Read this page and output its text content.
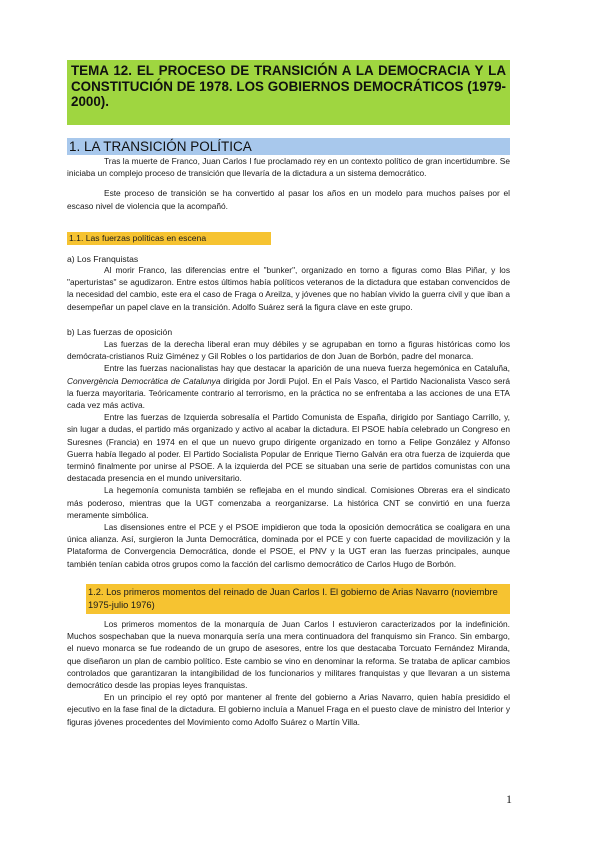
TEMA 12. EL PROCESO DE TRANSICIÓN A LA DEMOCRACIA Y LA CONSTITUCIÓN DE 1978. LOS GOBIERNOS DEMOCRÁTICOS (1979-2000).
1. LA TRANSICIÓN POLÍTICA

Tras la muerte de Franco, Juan Carlos I fue proclamado rey en un contexto político de gran incertidumbre. Se iniciaba un complejo proceso de transición que llevaría de la dictadura a un sistema democrático.

Este proceso de transición se ha convertido al pasar los años en un modelo para muchos países por el escaso nivel de violencia que la acompañó.

1.1. Las fuerzas políticas en escena
a) Los Franquistas

Al morir Franco, las diferencias entre el "bunker", organizado en torno a figuras como Blas Piñar, y los "aperturistas" se agudizaron. Entre estos últimos había políticos veteranos de la dictadura que estaban convencidos de la necesidad del cambio, este era el caso de Fraga o Areilza, y jóvenes que no habían vivido la guerra civil y que iban a desempeñar un papel clave en la transición. Adolfo Suárez será la figura clave en este grupo.

b) Las fuerzas de oposición

Las fuerzas de la derecha liberal eran muy débiles y se agrupaban en torno a figuras históricas como los demócrata-cristianos Ruiz Giménez y Gil Robles o los partidarios de don Juan de Borbón, padre del monarca.

Entre las fuerzas nacionalistas hay que destacar la aparición de una nueva fuerza hegemónica en Cataluña, Convergència Democràtica de Catalunya dirigida por Jordi Pujol. En el País Vasco, el Partido Nacionalista Vasco será la fuerza mayoritaria. Teóricamente contrario al terrorismo, en la práctica no se enfrentaba a las acciones de una ETA cada vez más activa.

Entre las fuerzas de Izquierda sobresalía el Partido Comunista de España, dirigido por Santiago Carrillo, y, sin lugar a dudas, el partido más organizado y activo al acabar la dictadura. El PSOE había celebrado un Congreso en Suresnes (Francia) en 1974 en el que un nuevo grupo dirigente organizado en torno a Felipe González y Alfonso Guerra había llegado al poder. El Partido Socialista Popular de Enrique Tierno Galván era otra fuerza de izquierda que terminó finalmente por unirse al PSOE. A la izquierda del PCE se situaban una serie de partidos comunistas con una destacada presencia en el mundo universitario.

La hegemonía comunista también se reflejaba en el mundo sindical. Comisiones Obreras era el sindicato más poderoso, mientras que la UGT comenzaba a reorganizarse. La histórica CNT se convirtió en una fuerza meramente simbólica.

Las disensiones entre el PCE y el PSOE impidieron que toda la oposición democrática se coaligara en una única alianza. Así, surgieron la Junta Democrática, dominada por el PCE y con fuerte capacidad de movilización y la Plataforma de Convergencia Democrática, donde el PSOE, el PNV y la UGT eran las fuerzas principales, aunque también tenían cabida otros grupos como la facción del carlismo democrático de Carlos Hugo de Borbón.

1.2. Los primeros momentos del reinado de Juan Carlos I. El gobierno de Arias Navarro (noviembre 1975-julio 1976)

Los primeros momentos de la monarquía de Juan Carlos I estuvieron caracterizados por la indefinición. Muchos sospechaban que la nueva monarquía sería una mera continuadora del franquismo sin Franco. Sin embargo, el nuevo monarca se fue rodeando de un grupo de asesores, entre los que destacaba Torcuato Fernández Miranda, que diseñaron un plan de cambio político. Este cambio se vino en denominar la reforma. Se trataba de aplicar cambios controlados que garantizaran la intangibilidad de los funcionarios y militares franquistas y que llevaran a un sistema democrático desde las propias leyes franquistas.

En un principio el rey optó por mantener al frente del gobierno a Arias Navarro, quien había presidido el ejecutivo en la fase final de la dictadura. El gobierno incluía a Manuel Fraga en el puesto clave de ministro del Interior y figuras jóvenes procedentes del Movimiento como Adolfo Suárez o Martín Villa.

1
